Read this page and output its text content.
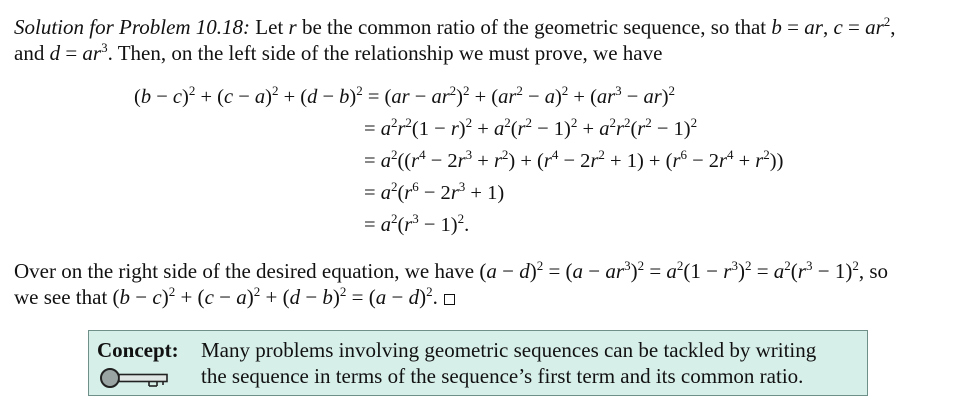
Solution for Problem 10.18: Let r be the common ratio of the geometric sequence, so that b = ar, $c = ar^2$,
and $d = ar^3$. Then, on the left side of the relationship we must prove, we have
$(b - c)^2 + (c - a)^2 + (d - b)^2 = (ar - ar^2)^2 + (ar^2 - a)^2 + (ar^3 - ar)^2$
= $a^2r^2(1 - r)^2 + a^2(r^2 - 1)^2 + a^2r^2(r^2 - 1)^2$
= $a^2((r^4 - 2r^3 + r^2) + (r^4 - 2r^2 + 1) + (r^6 - 2r^4 + r^2))$
= $a^2(r^6 - 2r^3 + 1)$
= $a^2(r^3 - 1)^2$.
Over on the right side of the desired equation, we have $(a - d)^2 = (a - ar^3)^2 = a^2(1 - r^3)^2 = a^2(r^3 - 1)^2$, so
we see that $(b - c)^2 + (c - a)^2 + (d - b)^2 = (a - d)^2$.
Concept: Many problems involving geometric sequences can be tackled by writing
the sequence in terms of the sequence’s first term and its common ratio.
